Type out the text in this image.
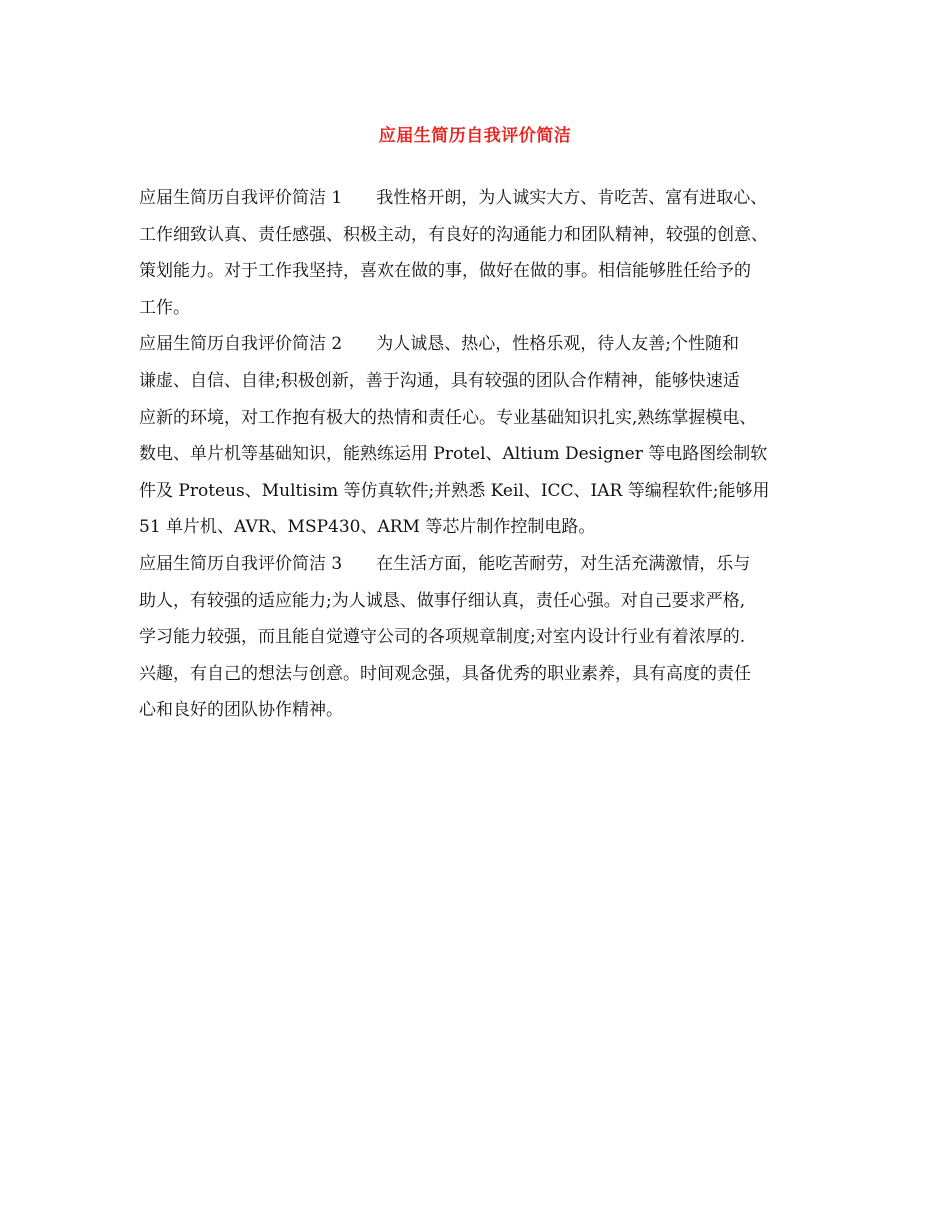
应届生简历自我评价简洁
应届生简历自我评价简洁 1　　我性格开朗，为人诚实大方、肯吃苦、富有进取心、
工作细致认真、责任感强、积极主动，有良好的沟通能力和团队精神，较强的创意、
策划能力。对于工作我坚持，喜欢在做的事，做好在做的事。相信能够胜任给予的
工作。
应届生简历自我评价简洁 2　　为人诚恳、热心，性格乐观，待人友善;个性随和
谦虚、自信、自律;积极创新，善于沟通，具有较强的团队合作精神，能够快速适
应新的环境，对工作抱有极大的热情和责任心。专业基础知识扎实,熟练掌握模电、
数电、单片机等基础知识，能熟练运用 Protel、Altium Designer 等电路图绘制软
件及 Proteus、Multisim 等仿真软件;并熟悉 Keil、ICC、IAR 等编程软件;能够用
51 单片机、AVR、MSP430、ARM 等芯片制作控制电路。
应届生简历自我评价简洁 3　　在生活方面，能吃苦耐劳，对生活充满激情，乐与
助人，有较强的适应能力;为人诚恳、做事仔细认真，责任心强。对自己要求严格,
学习能力较强，而且能自觉遵守公司的各项规章制度;对室内设计行业有着浓厚的.
兴趣，有自己的想法与创意。时间观念强，具备优秀的职业素养，具有高度的责任
心和良好的团队协作精神。
